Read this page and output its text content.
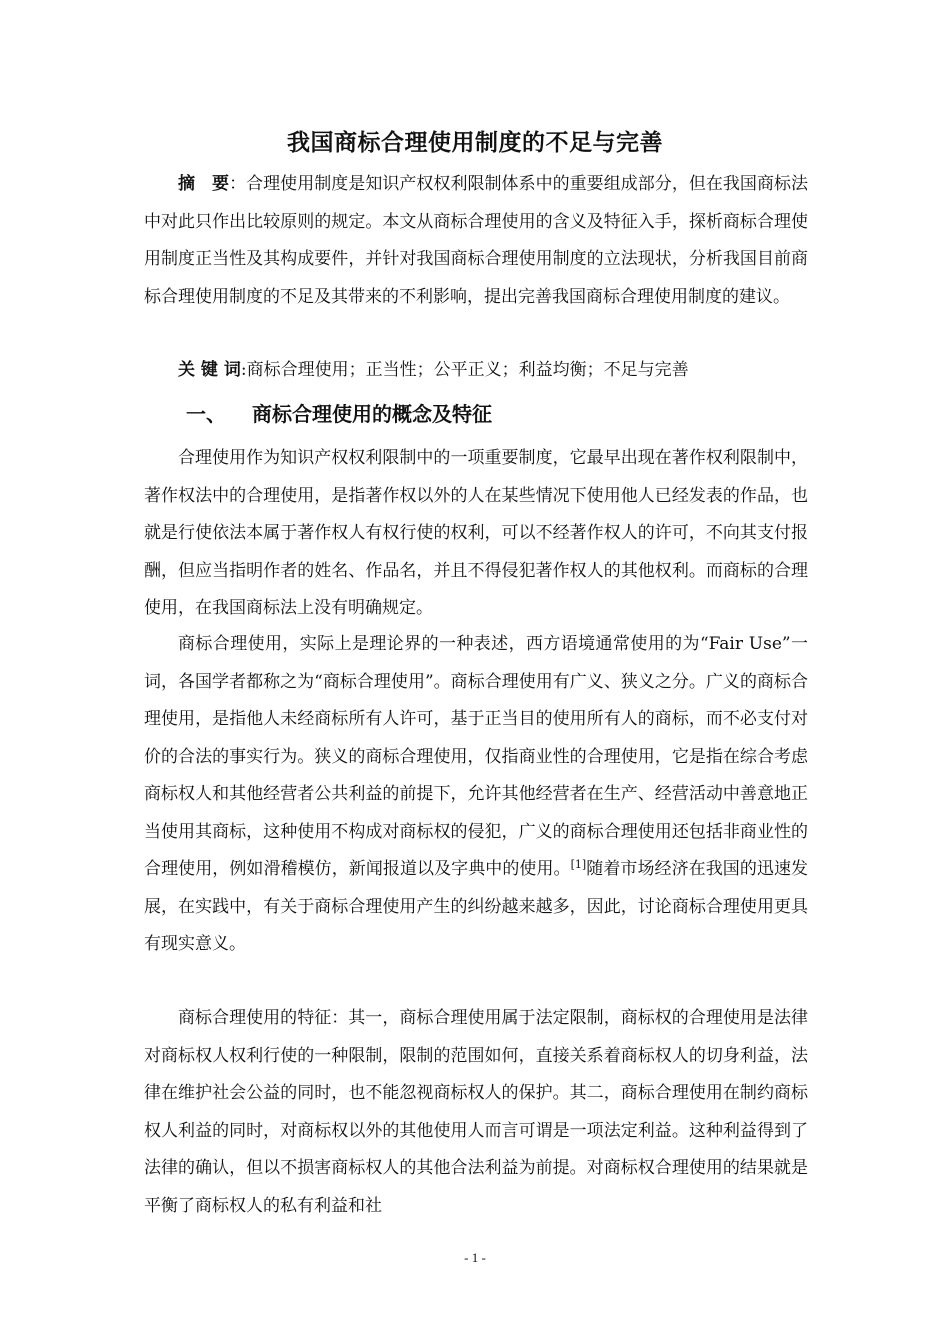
我国商标合理使用制度的不足与完善
摘　要：合理使用制度是知识产权权利限制体系中的重要组成部分，但在我国商标法中对此只作出比较原则的规定。本文从商标合理使用的含义及特征入手，探析商标合理使用制度正当性及其构成要件，并针对我国商标合理使用制度的立法现状，分析我国目前商标合理使用制度的不足及其带来的不利影响，提出完善我国商标合理使用制度的建议。
关 键 词:商标合理使用；正当性；公平正义；利益均衡；不足与完善
一、 商标合理使用的概念及特征
合理使用作为知识产权权利限制中的一项重要制度，它最早出现在著作权利限制中，著作权法中的合理使用，是指著作权以外的人在某些情况下使用他人已经发表的作品，也就是行使依法本属于著作权人有权行使的权利，可以不经著作权人的许可，不向其支付报酬，但应当指明作者的姓名、作品名，并且不得侵犯著作权人的其他权利。而商标的合理使用，在我国商标法上没有明确规定。
商标合理使用，实际上是理论界的一种表述，西方语境通常使用的为“Fair Use”一词，各国学者都称之为“商标合理使用”。商标合理使用有广义、狭义之分。广义的商标合理使用，是指他人未经商标所有人许可，基于正当目的使用所有人的商标，而不必支付对价的合法的事实行为。狭义的商标合理使用，仅指商业性的合理使用，它是指在综合考虑商标权人和其他经营者公共利益的前提下，允许其他经营者在生产、经营活动中善意地正当使用其商标，这种使用不构成对商标权的侵犯，广义的商标合理使用还包括非商业性的合理使用，例如滑稽模仿，新闻报道以及字典中的使用。[1]随着市场经济在我国的迅速发展，在实践中，有关于商标合理使用产生的纠纷越来越多，因此，讨论商标合理使用更具有现实意义。
商标合理使用的特征：其一，商标合理使用属于法定限制，商标权的合理使用是法律对商标权人权利行使的一种限制，限制的范围如何，直接关系着商标权人的切身利益，法律在维护社会公益的同时，也不能忽视商标权人的保护。其二，商标合理使用在制约商标权人利益的同时，对商标权以外的其他使用人而言可谓是一项法定利益。这种利益得到了法律的确认，但以不损害商标权人的其他合法利益为前提。对商标权合理使用的结果就是平衡了商标权人的私有利益和社
- 1 -
